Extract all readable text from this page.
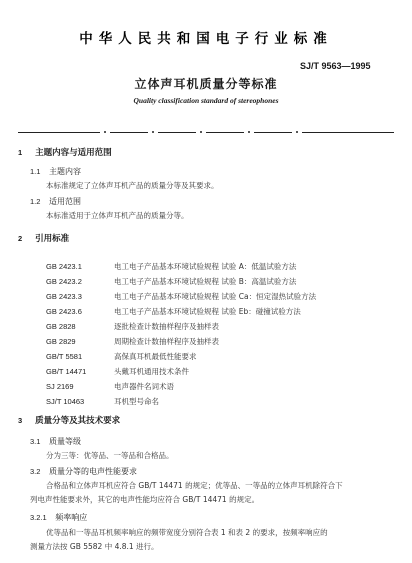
中华人民共和国电子行业标准
SJ/T 9563—1995
立体声耳机质量分等标准
Quality classification standard of stereophones
1 主题内容与适用范围
1.1 主题内容
本标准规定了立体声耳机产品的质量分等及其要求。
1.2 适用范围
本标准适用于立体声耳机产品的质量分等。
2 引用标准
GB 2423.1	电工电子产品基本环境试验规程 试验 A：低温试验方法
GB 2423.2	电工电子产品基本环境试验规程 试验 B：高温试验方法
GB 2423.3	电工电子产品基本环境试验规程 试验 Ca：恒定湿热试验方法
GB 2423.6	电工电子产品基本环境试验规程 试验 Eb：碰撞试验方法
GB 2828	逐批检查计数抽样程序及抽样表
GB 2829	周期检查计数抽样程序及抽样表
GB/T 5581	高保真耳机最低性能要求
GB/T 14471	头戴耳机通用技术条件
SJ 2169	电声器件名词术语
SJ/T 10463	耳机型号命名
3 质量分等及其技术要求
3.1 质量等级
分为三等：优等品、一等品和合格品。
3.2 质量分等的电声性能要求
合格品和立体声耳机应符合 GB/T 14471 的规定；优等品、一等品的立体声耳机除符合下
列电声性能要求外，其它的电声性能均应符合 GB/T 14471 的规定。
3.2.1 频率响应
优等品和一等品耳机频率响应的频带宽度分别符合表 1 和表 2 的要求，按频率响应的
测量方法按 GB 5582 中 4.8.1 进行。
